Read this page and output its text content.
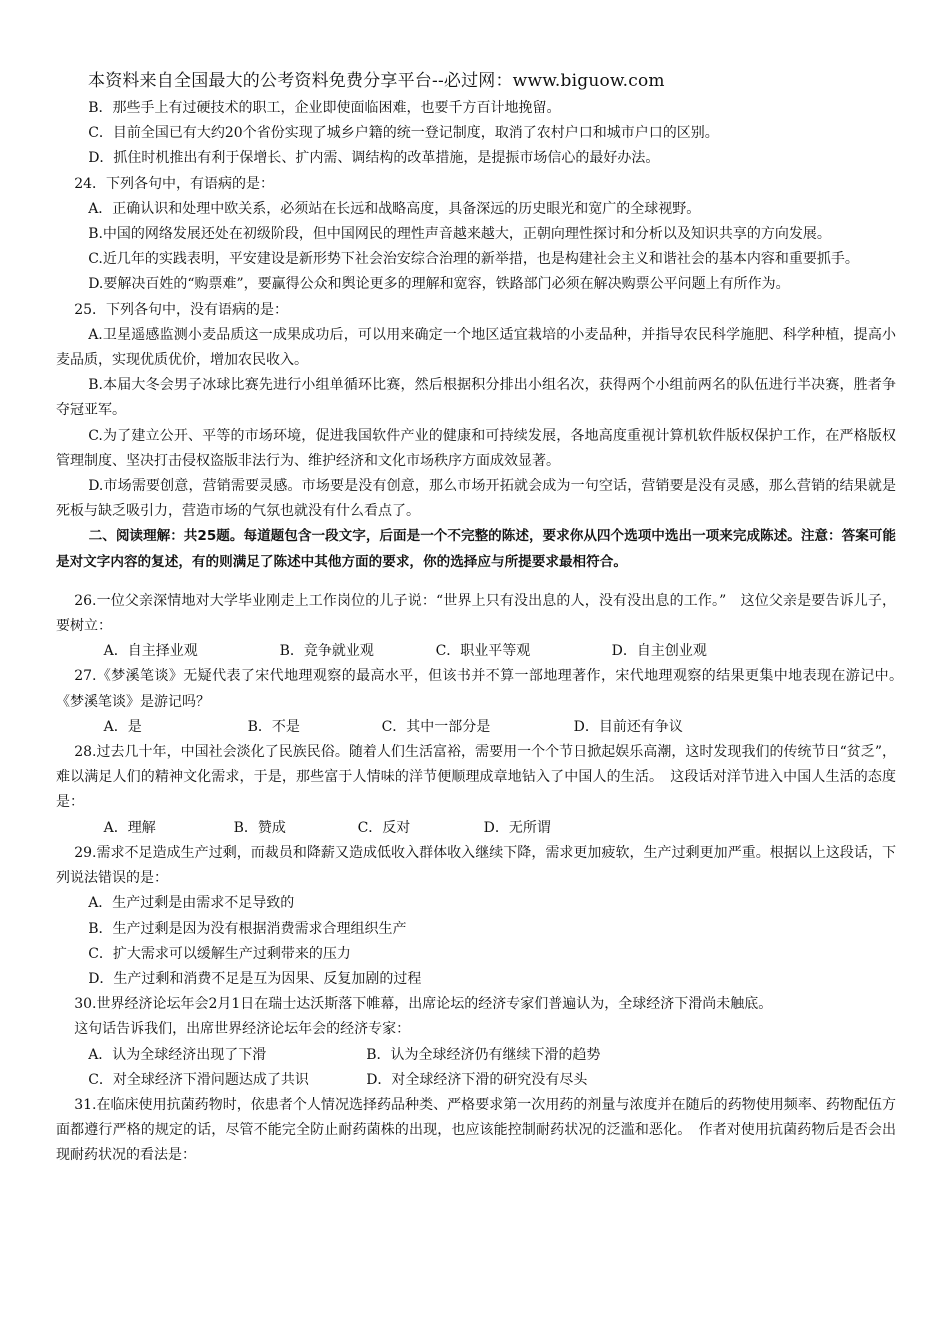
本资料来自全国最大的公考资料免费分享平台--必过网：www.biguow.com

B．那些手上有过硬技术的职工，企业即使面临困难，也要千方百计地挽留。

C．目前全国已有大约20个省份实现了城乡户籍的统一登记制度，取消了农村户口和城市户口的区别。

D．抓住时机推出有利于保增长、扩内需、调结构的改革措施，是提振市场信心的最好办法。

24．下列各句中，有语病的是：

A．正确认识和处理中欧关系，必须站在长远和战略高度，具备深远的历史眼光和宽广的全球视野。

B.中国的网络发展还处在初级阶段，但中国网民的理性声音越来越大，正朝向理性探讨和分析以及知识共享的方向发展。

C.近几年的实践表明，平安建设是新形势下社会治安综合治理的新举措，也是构建社会主义和谐社会的基本内容和重要抓手。

D.要解决百姓的“购票难”，要赢得公众和舆论更多的理解和宽容，铁路部门必须在解决购票公平问题上有所作为。

25．下列各句中，没有语病的是：

A.卫星遥感监测小麦品质这一成果成功后，可以用来确定一个地区适宜栽培的小麦品种，并指导农民科学施肥、科学种植，提高小麦品质，实现优质优价，增加农民收入。

B.本届大冬会男子冰球比赛先进行小组单循环比赛，然后根据积分排出小组名次，获得两个小组前两名的队伍进行半决赛，胜者争夺冠亚军。

C.为了建立公开、平等的市场环境，促进我国软件产业的健康和可持续发展，各地高度重视计算机软件版权保护工作，在严格版权管理制度、坚决打击侵权盗版非法行为、维护经济和文化市场秩序方面成效显著。

D.市场需要创意，营销需要灵感。市场要是没有创意，那么市场开拓就会成为一句空话，营销要是没有灵感，那么营销的结果就是死板与缺乏吸引力，营造市场的气氛也就没有什么看点了。

二、阅读理解：共25题。每道题包含一段文字，后面是一个不完整的陈述，要求你从四个选项中选出一项来完成陈述。注意：答案可能是对文字内容的复述，有的则满足了陈述中其他方面的要求，你的选择应与所提要求最相符合。

26.一位父亲深情地对大学毕业刚走上工作岗位的儿子说：“世界上只有没出息的人，没有没出息的工作。”　这位父亲是要告诉儿子，要树立：

A．自主择业观	B．竞争就业观	C．职业平等观	D．自主创业观

27.《梦溪笔谈》无疑代表了宋代地理观察的最高水平，但该书并不算一部地理著作，宋代地理观察的结果更集中地表现在游记中。　《梦溪笔谈》是游记吗？

A．是	B．不是	C．其中一部分是	D．目前还有争议

28.过去几十年，中国社会淡化了民族民俗。随着人们生活富裕，需要用一个个节日掀起娱乐高潮，这时发现我们的传统节日“贫乏”，难以满足人们的精神文化需求，于是，那些富于人情味的洋节便顺理成章地钻入了中国人的生活。　这段话对洋节进入中国人生活的态度是：

A．理解	B．赞成	C．反对	D．无所谓

29.需求不足造成生产过剩，而裁员和降薪又造成低收入群体收入继续下降，需求更加疲软，生产过剩更加严重。根据以上这段话，下列说法错误的是：

A．生产过剩是由需求不足导致的

B．生产过剩是因为没有根据消费需求合理组织生产

C．扩大需求可以缓解生产过剩带来的压力

D．生产过剩和消费不足是互为因果、反复加剧的过程

30.世界经济论坛年会2月1日在瑞士达沃斯落下帷幕，出席论坛的经济专家们普遍认为，全球经济下滑尚未触底。

这句话告诉我们，出席世界经济论坛年会的经济专家：

A．认为全球经济出现了下滑	B．认为全球经济仍有继续下滑的趋势
C．对全球经济下滑问题达成了共识	D．对全球经济下滑的研究没有尽头

31.在临床使用抗菌药物时，依患者个人情况选择药品种类、严格要求第一次用药的剂量与浓度并在随后的药物使用频率、药物配伍方面都遵行严格的规定的话，尽管不能完全防止耐药菌株的出现，也应该能控制耐药状况的泛滥和恶化。　作者对使用抗菌药物后是否会出现耐药状况的看法是：
